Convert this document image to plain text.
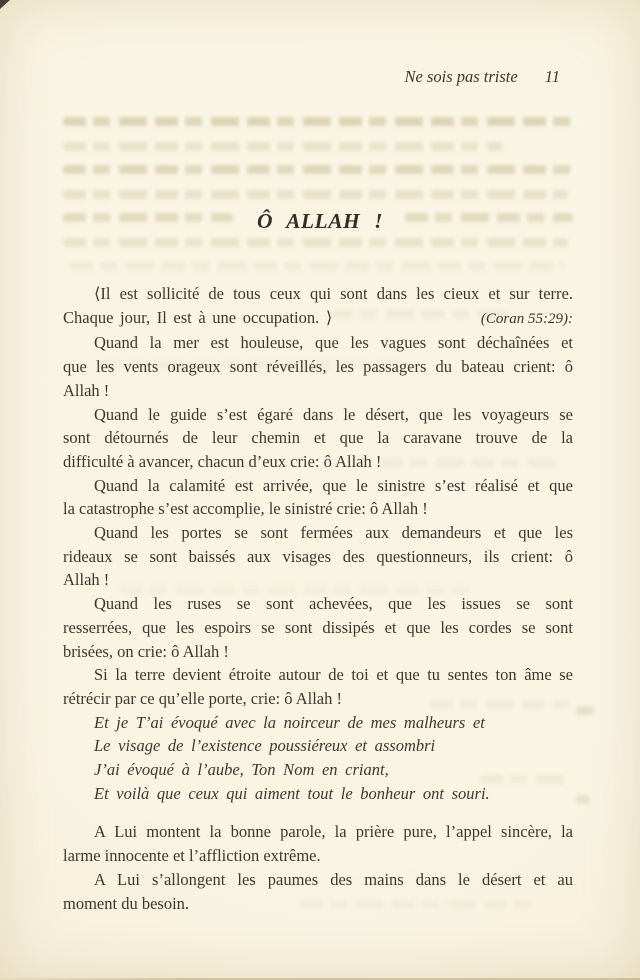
Ne sois pas triste 11
Ô ALLAH !
⟨Il est sollicité de tous ceux qui sont dans les cieux et sur terre.
Chaque jour, Il est à une occupation. ⟩	(Coran 55:29):
Quand la mer est houleuse, que les vagues sont déchaînées et
que les vents orageux sont réveillés, les passagers du bateau crient: ô
Allah !
Quand le guide s’est égaré dans le désert, que les voyageurs se
sont détournés de leur chemin et que la caravane trouve de la
difficulté à avancer, chacun d’eux crie: ô Allah !
Quand la calamité est arrivée, que le sinistre s’est réalisé et que
la catastrophe s’est accomplie, le sinistré crie: ô Allah !
Quand les portes se sont fermées aux demandeurs et que les
rideaux se sont baissés aux visages des questionneurs, ils crient: ô
Allah !
Quand les ruses se sont achevées, que les issues se sont
resserrées, que les espoirs se sont dissipés et que les cordes se sont
brisées, on crie: ô Allah !
Si la terre devient étroite autour de toi et que tu sentes ton âme se
rétrécir par ce qu’elle porte, crie: ô Allah !
Et je T’ai évoqué avec la noirceur de mes malheurs et
Le visage de l’existence poussiéreux et assombri
J’ai évoqué à l’aube, Ton Nom en criant,
Et voilà que ceux qui aiment tout le bonheur ont souri.
A Lui montent la bonne parole, la prière pure, l’appel sincère, la
larme innocente et l’affliction extrême.
A Lui s’allongent les paumes des mains dans le désert et au
moment du besoin.
